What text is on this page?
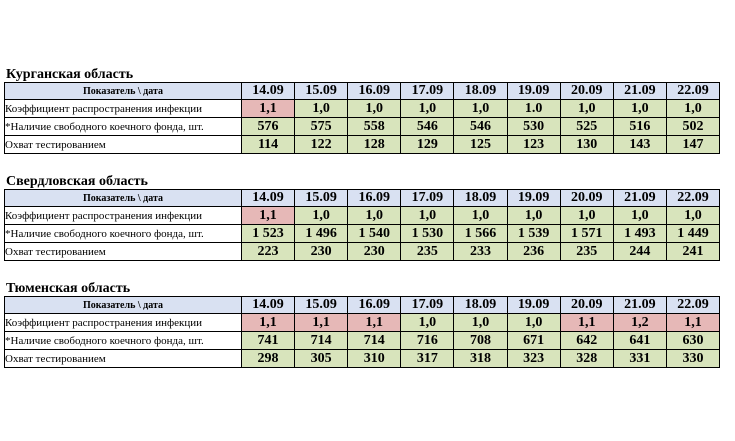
Курганская область
Показатель \ дата	14.09	15.09	16.09	17.09	18.09	19.09	20.09	21.09	22.09
Коэффициент распространения инфекции	1,1	1,0	1,0	1,0	1,0	1.0	1,0	1,0	1,0
*Наличие свободного коечного фонда, шт.	576	575	558	546	546	530	525	516	502
Охват тестированием	114	122	128	129	125	123	130	143	147
Свердловская область
Показатель \ дата	14.09	15.09	16.09	17.09	18.09	19.09	20.09	21.09	22.09
Коэффициент распространения инфекции	1,1	1,0	1,0	1,0	1,0	1,0	1,0	1,0	1,0
*Наличие свободного коечного фонда, шт.	1 523	1 496	1 540	1 530	1 566	1 539	1 571	1 493	1 449
Охват тестированием	223	230	230	235	233	236	235	244	241
Тюменская область
Показатель \ дата	14.09	15.09	16.09	17.09	18.09	19.09	20.09	21.09	22.09
Коэффициент распространения инфекции	1,1	1,1	1,1	1,0	1,0	1,0	1,1	1,2	1,1
*Наличие свободного коечного фонда, шт.	741	714	714	716	708	671	642	641	630
Охват тестированием	298	305	310	317	318	323	328	331	330
